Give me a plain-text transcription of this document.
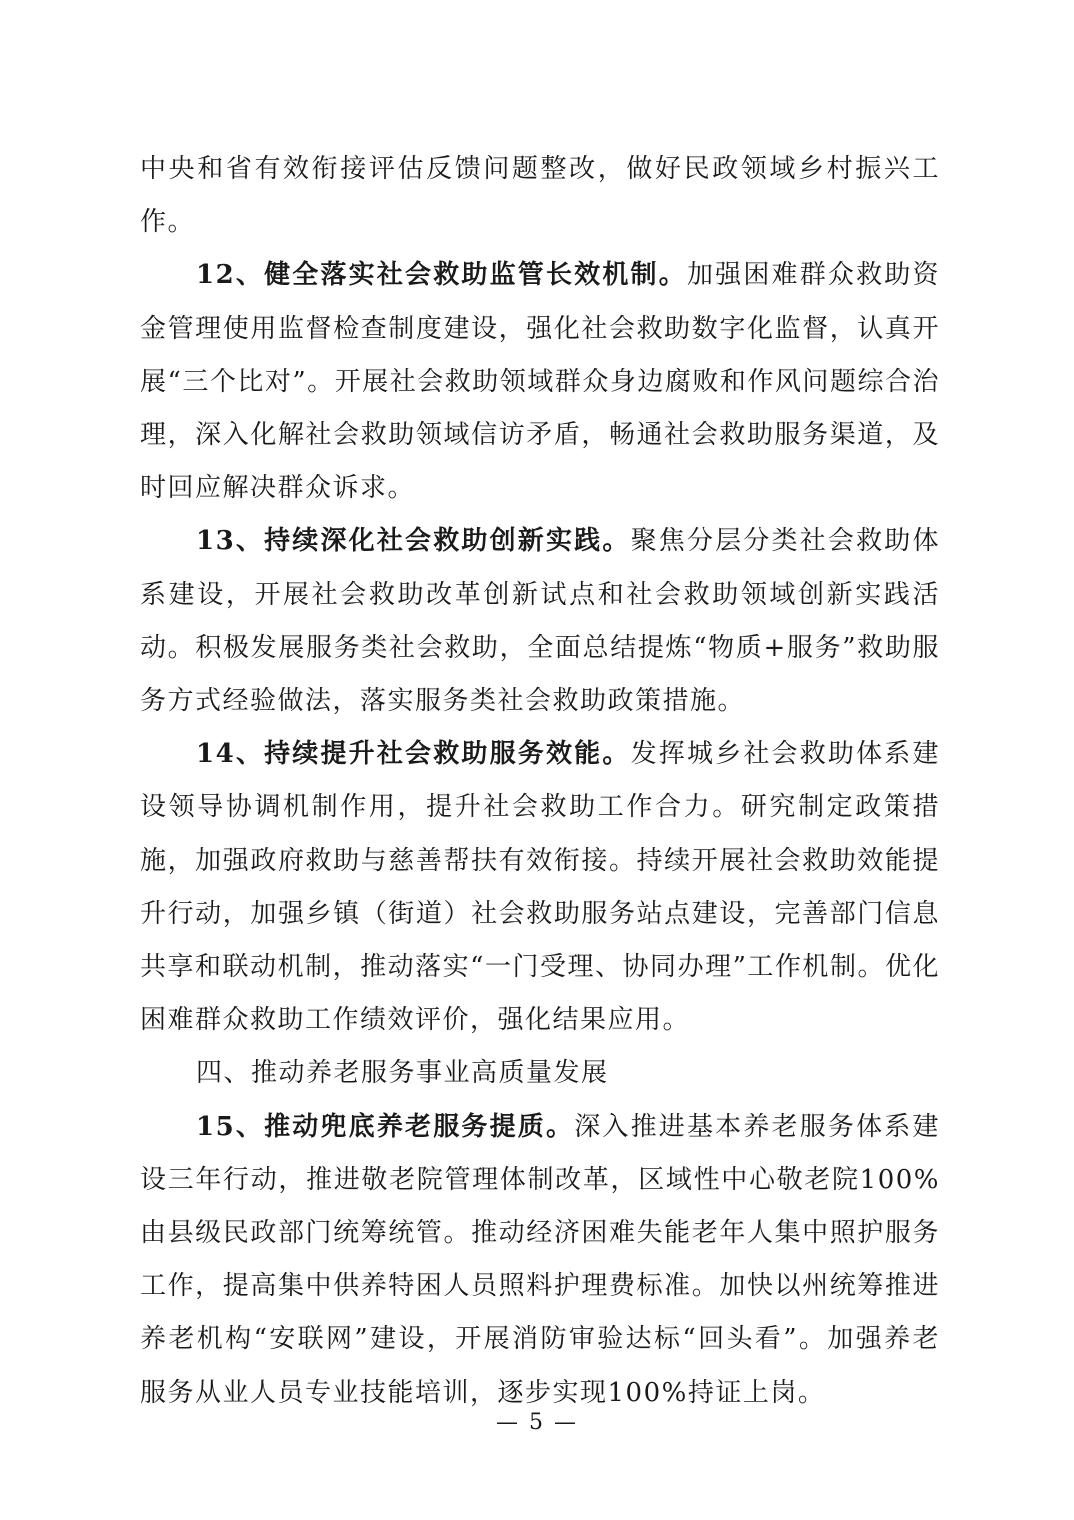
中央和省有效衔接评估反馈问题整改，做好民政领域乡村振兴工作。

12、健全落实社会救助监管长效机制。加强困难群众救助资金管理使用监督检查制度建设，强化社会救助数字化监督，认真开展“三个比对”。开展社会救助领域群众身边腐败和作风问题综合治理，深入化解社会救助领域信访矛盾，畅通社会救助服务渠道，及时回应解决群众诉求。

13、持续深化社会救助创新实践。聚焦分层分类社会救助体系建设，开展社会救助改革创新试点和社会救助领域创新实践活动。积极发展服务类社会救助，全面总结提炼“物质+服务”救助服务方式经验做法，落实服务类社会救助政策措施。

14、持续提升社会救助服务效能。发挥城乡社会救助体系建设领导协调机制作用，提升社会救助工作合力。研究制定政策措施，加强政府救助与慈善帮扶有效衔接。持续开展社会救助效能提升行动，加强乡镇（街道）社会救助服务站点建设，完善部门信息共享和联动机制，推动落实“一门受理、协同办理”工作机制。优化困难群众救助工作绩效评价，强化结果应用。

四、推动养老服务事业高质量发展

15、推动兜底养老服务提质。深入推进基本养老服务体系建设三年行动，推进敬老院管理体制改革，区域性中心敬老院100%由县级民政部门统筹统管。推动经济困难失能老年人集中照护服务工作，提高集中供养特困人员照料护理费标准。加快以州统筹推进养老机构“安联网”建设，开展消防审验达标“回头看”。加强养老服务从业人员专业技能培训，逐步实现100%持证上岗。

— 5 —
